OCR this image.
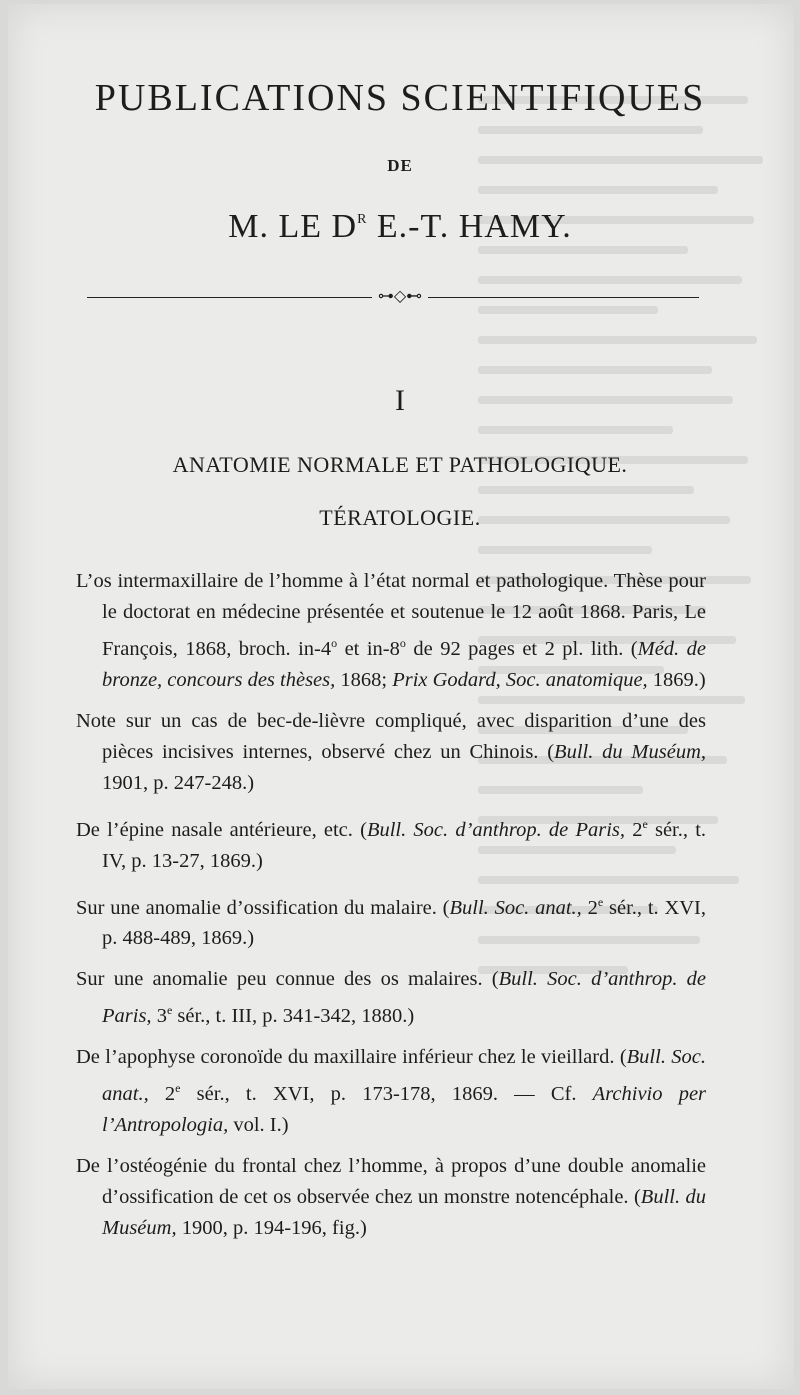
PUBLICATIONS SCIENTIFIQUES
DE
M. LE $D^R$ E.-T. HAMY.
⊶◇⊷
I
ANATOMIE NORMALE ET PATHOLOGIQUE.
TÉRATOLOGIE.

L’os intermaxillaire de l’homme à l’état normal et pathologique. Thèse pour le doctorat en médecine présentée et soutenue le 12 août 1868. Paris, Le François, 1868, broch. in-4$^o$ et in-8$^o$ de 92 pages et 2 pl. lith. (Méd. de bronze, concours des thèses, 1868; Prix Godard, Soc. anatomique, 1869.)

Note sur un cas de bec-de-lièvre compliqué, avec disparition d’une des pièces incisives internes, observé chez un Chinois. (Bull. du Muséum, 1901, p. 247-248.)

De l’épine nasale antérieure, etc. (Bull. Soc. d’anthrop. de Paris, 2e sér., t. IV, p. 13-27, 1869.)

Sur une anomalie d’ossification du malaire. (Bull. Soc. anat., 2e sér., t. XVI, p. 488-489, 1869.)

Sur une anomalie peu connue des os malaires. (Bull. Soc. d’anthrop. de Paris, 3e sér., t. III, p. 341-342, 1880.)

De l’apophyse coronoïde du maxillaire inférieur chez le vieillard. (Bull. Soc. anat., 2e sér., t. XVI, p. 173-178, 1869. — Cf. Archivio per l’Antropologia, vol. I.)

De l’ostéogénie du frontal chez l’homme, à propos d’une double anomalie d’ossification de cet os observée chez un monstre notencéphale. (Bull. du Muséum, 1900, p. 194-196, fig.)
